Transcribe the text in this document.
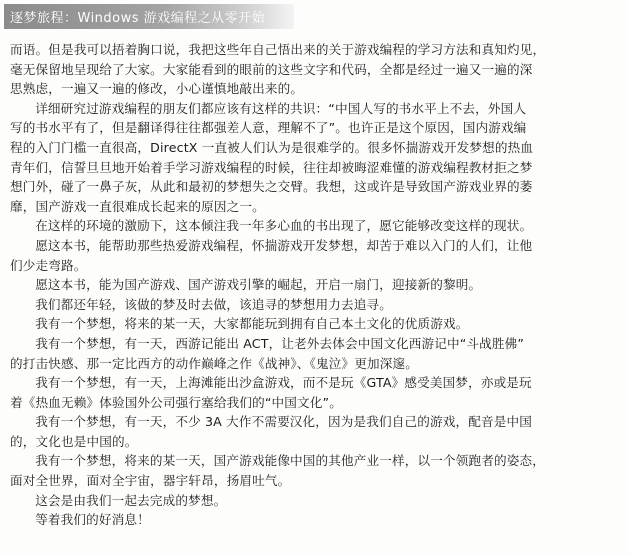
逐梦旅程：Windows 游戏编程之从零开始

而语。但是我可以捂着胸口说，我把这些年自己悟出来的关于游戏编程的学习方法和真知灼见，
毫无保留地呈现给了大家。大家能看到的眼前的这些文字和代码，全都是经过一遍又一遍的深
思熟虑，一遍又一遍的修改，小心谨慎地敲出来的。

详细研究过游戏编程的朋友们都应该有这样的共识：“中国人写的书水平上不去，外国人
写的书水平有了，但是翻译得往往都强差人意，理解不了”。也许正是这个原因，国内游戏编
程的入门门槛一直很高，DirectX 一直被人们认为是很难学的。很多怀揣游戏开发梦想的热血
青年们，信誓旦旦地开始着手学习游戏编程的时候，往往却被晦涩难懂的游戏编程教材拒之梦
想门外，碰了一鼻子灰，从此和最初的梦想失之交臂。我想，这或许是导致国产游戏业界的萎
靡，国产游戏一直很难成长起来的原因之一。

在这样的环境的激励下，这本倾注我一年多心血的书出现了，愿它能够改变这样的现状。

愿这本书，能帮助那些热爱游戏编程，怀揣游戏开发梦想，却苦于难以入门的人们，让他
们少走弯路。

愿这本书，能为国产游戏、国产游戏引擎的崛起，开启一扇门，迎接新的黎明。

我们都还年轻，该做的梦及时去做，该追寻的梦想用力去追寻。

我有一个梦想，将来的某一天，大家都能玩到拥有自己本土文化的优质游戏。

我有一个梦想，有一天，西游记能出 ACT，让老外去体会中国文化西游记中“斗战胜佛”
的打击快感、那一定比西方的动作巅峰之作《战神》、《鬼泣》更加深邃。

我有一个梦想，有一天，上海滩能出沙盒游戏，而不是玩《GTA》感受美国梦，亦或是玩
着《热血无赖》体验国外公司强行塞给我们的“中国文化”。

我有一个梦想，有一天，不少 3A 大作不需要汉化，因为是我们自己的游戏，配音是中国
的，文化也是中国的。

我有一个梦想，将来的某一天，国产游戏能像中国的其他产业一样，以一个领跑者的姿态，
面对全世界，面对全宇宙，器宇轩昂，扬眉吐气。

这会是由我们一起去完成的梦想。

等着我们的好消息！
